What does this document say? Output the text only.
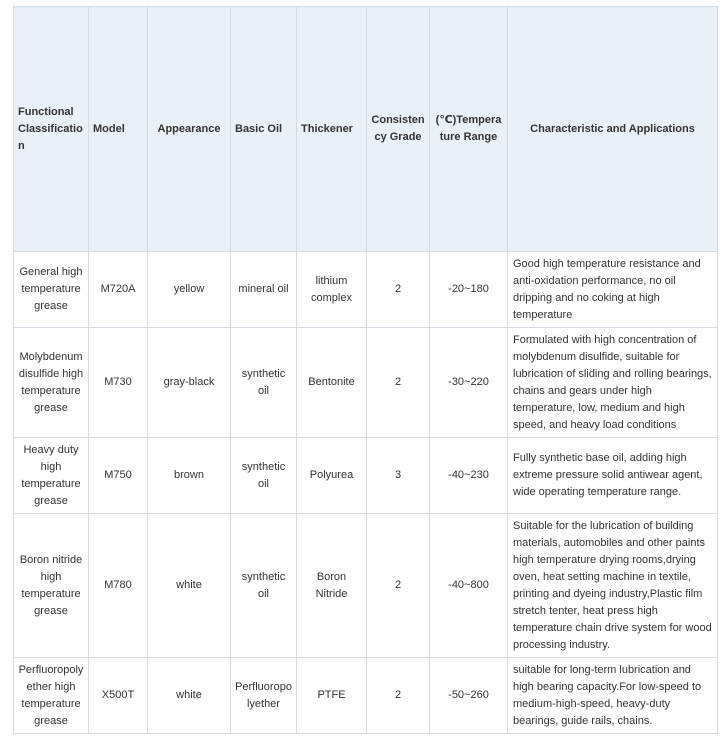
Functional Classification	Model	Appearance	Basic Oil	Thickener	Consistency Grade	(℃)Temperature Range	Characteristic and Applications
General high temperature grease	M720A	yellow	mineral oil	lithium complex	2	-20~180	Good high temperature resistance and anti-oxidation performance, no oil dripping and no coking at high temperature
Molybdenum disulfide high temperature grease	M730	gray-black	synthetic oil	Bentonite	2	-30~220	Formulated with high concentration of molybdenum disulfide, suitable for lubrication of sliding and rolling bearings, chains and gears under high temperature, low, medium and high speed, and heavy load conditions
Heavy duty high temperature grease	M750	brown	synthetic oil	Polyurea	3	-40~230	Fully synthetic base oil, adding high extreme pressure solid antiwear agent, wide operating temperature range.
Boron nitride high temperature grease	M780	white	synthetic oil	Boron Nitride	2	-40~800	Suitable for the lubrication of building materials, automobiles and other paints high temperature drying rooms,drying oven, heat setting machine in textile, printing and dyeing industry,Plastic film stretch tenter, heat press high temperature chain drive system for wood processing industry.
Perfluoropolyether high temperature grease	X500T	white	Perfluoropolyether	PTFE	2	-50~260	suitable for long-term lubrication and high bearing capacity.For low-speed to medium-high-speed, heavy-duty bearings, guide rails, chains.
